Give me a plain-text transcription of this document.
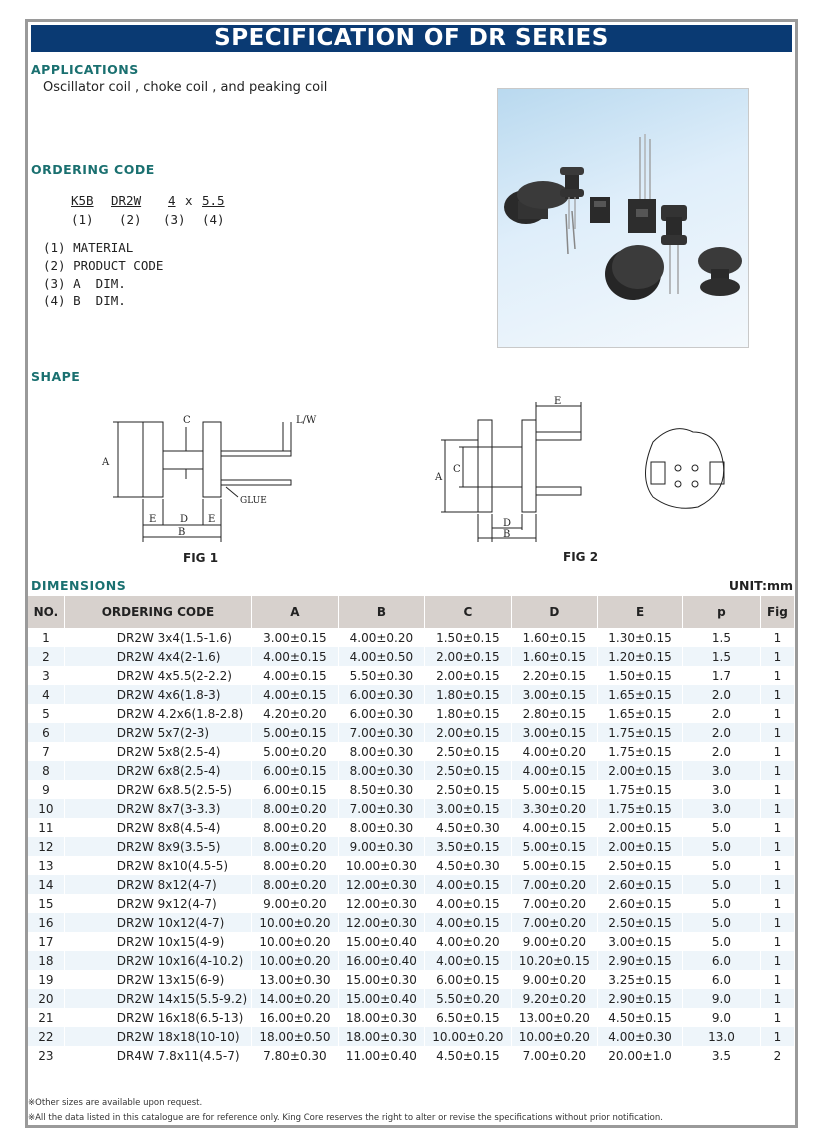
SPECIFICATION OF DR SERIES
APPLICATIONS
Oscillator coil , choke coil , and peaking coil
ORDERING CODE
K5B DR2W 4 x 5.5
(1) (2) (3) (4)
(1) MATERIAL
(2) PRODUCT CODE
(3) A  DIM.
(4) B  DIM.
SHAPE
A
C	L/W
GLUE
E D E
B
FIG 1
A
C
E
D
B
FIG 2
DIMENSIONS	UNIT:mm
NO.	ORDERING CODE	A	B	C	D	E	p	Fig
1	DR2W 3x4(1.5-1.6)	3.00±0.15	4.00±0.20	1.50±0.15	1.60±0.15	1.30±0.15	1.5	1
2	DR2W 4x4(2-1.6)	4.00±0.15	4.00±0.50	2.00±0.15	1.60±0.15	1.20±0.15	1.5	1
3	DR2W 4x5.5(2-2.2)	4.00±0.15	5.50±0.30	2.00±0.15	2.20±0.15	1.50±0.15	1.7	1
4	DR2W 4x6(1.8-3)	4.00±0.15	6.00±0.30	1.80±0.15	3.00±0.15	1.65±0.15	2.0	1
5	DR2W 4.2x6(1.8-2.8)	4.20±0.20	6.00±0.30	1.80±0.15	2.80±0.15	1.65±0.15	2.0	1
6	DR2W 5x7(2-3)	5.00±0.15	7.00±0.30	2.00±0.15	3.00±0.15	1.75±0.15	2.0	1
7	DR2W 5x8(2.5-4)	5.00±0.20	8.00±0.30	2.50±0.15	4.00±0.20	1.75±0.15	2.0	1
8	DR2W 6x8(2.5-4)	6.00±0.15	8.00±0.30	2.50±0.15	4.00±0.15	2.00±0.15	3.0	1
9	DR2W 6x8.5(2.5-5)	6.00±0.15	8.50±0.30	2.50±0.15	5.00±0.15	1.75±0.15	3.0	1
10	DR2W 8x7(3-3.3)	8.00±0.20	7.00±0.30	3.00±0.15	3.30±0.20	1.75±0.15	3.0	1
11	DR2W 8x8(4.5-4)	8.00±0.20	8.00±0.30	4.50±0.30	4.00±0.15	2.00±0.15	5.0	1
12	DR2W 8x9(3.5-5)	8.00±0.20	9.00±0.30	3.50±0.15	5.00±0.15	2.00±0.15	5.0	1
13	DR2W 8x10(4.5-5)	8.00±0.20	10.00±0.30	4.50±0.30	5.00±0.15	2.50±0.15	5.0	1
14	DR2W 8x12(4-7)	8.00±0.20	12.00±0.30	4.00±0.15	7.00±0.20	2.60±0.15	5.0	1
15	DR2W 9x12(4-7)	9.00±0.20	12.00±0.30	4.00±0.15	7.00±0.20	2.60±0.15	5.0	1
16	DR2W 10x12(4-7)	10.00±0.20	12.00±0.30	4.00±0.15	7.00±0.20	2.50±0.15	5.0	1
17	DR2W 10x15(4-9)	10.00±0.20	15.00±0.40	4.00±0.20	9.00±0.20	3.00±0.15	5.0	1
18	DR2W 10x16(4-10.2)	10.00±0.20	16.00±0.40	4.00±0.15	10.20±0.15	2.90±0.15	6.0	1
19	DR2W 13x15(6-9)	13.00±0.30	15.00±0.30	6.00±0.15	9.00±0.20	3.25±0.15	6.0	1
20	DR2W 14x15(5.5-9.2)	14.00±0.20	15.00±0.40	5.50±0.20	9.20±0.20	2.90±0.15	9.0	1
21	DR2W 16x18(6.5-13)	16.00±0.20	18.00±0.30	6.50±0.15	13.00±0.20	4.50±0.15	9.0	1
22	DR2W 18x18(10-10)	18.00±0.50	18.00±0.30	10.00±0.20	10.00±0.20	4.00±0.30	13.0	1
23	DR4W 7.8x11(4.5-7)	7.80±0.30	11.00±0.40	4.50±0.15	7.00±0.20	20.00±1.0	3.5	2
※Other sizes are available upon request.
※All the data listed in this catalogue are for reference only. King Core reserves the right to alter or revise the specifications without prior notification.
